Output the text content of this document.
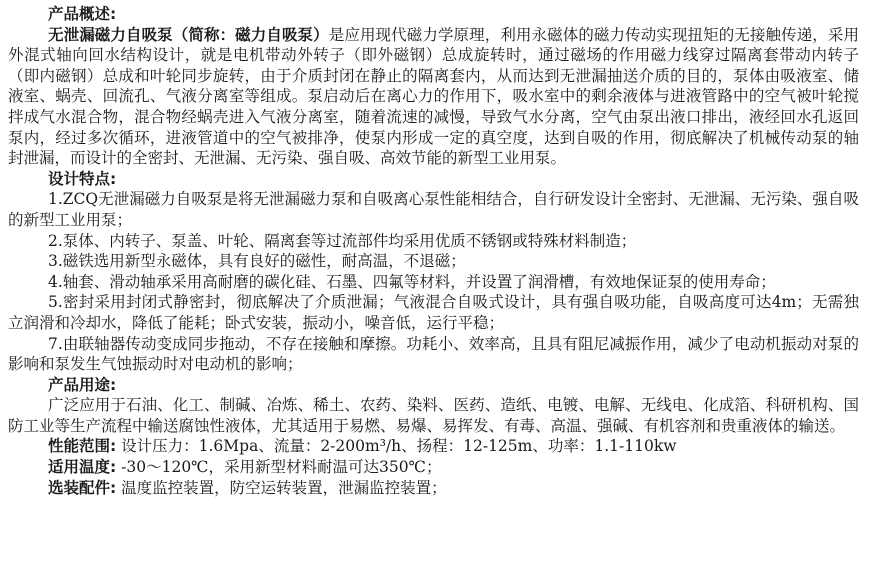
产品概述:

无泄漏磁力自吸泵（简称：磁力自吸泵）是应用现代磁力学原理，利用永磁体的磁力传动实现扭矩的无接触传递，采用外混式轴向回水结构设计，就是电机带动外转子（即外磁钢）总成旋转时，通过磁场的作用磁力线穿过隔离套带动内转子（即内磁钢）总成和叶轮同步旋转，由于介质封闭在静止的隔离套内，从而达到无泄漏抽送介质的目的，泵体由吸液室、储液室、蜗壳、回流孔、气液分离室等组成。泵启动后在离心力的作用下，吸水室中的剩余液体与进液管路中的空气被叶轮搅拌成气水混合物，混合物经蜗壳进入气液分离室，随着流速的减慢，导致气水分离，空气由泵出液口排出，液经回水孔返回泵内，经过多次循环，进液管道中的空气被排净，使泵内形成一定的真空度，达到自吸的作用，彻底解决了机械传动泵的轴封泄漏，而设计的全密封、无泄漏、无污染、强自吸、高效节能的新型工业用泵。

设计特点:

1.ZCQ无泄漏磁力自吸泵是将无泄漏磁力泵和自吸离心泵性能相结合，自行研发设计全密封、无泄漏、无污染、强自吸的新型工业用泵；

2.泵体、内转子、泵盖、叶轮、隔离套等过流部件均采用优质不锈钢或特殊材料制造；

3.磁铁选用新型永磁体，具有良好的磁性，耐高温，不退磁；

4.轴套、滑动轴承采用高耐磨的碳化硅、石墨、四氟等材料，并设置了润滑槽，有效地保证泵的使用寿命；

5.密封采用封闭式静密封，彻底解决了介质泄漏；气液混合自吸式设计，具有强自吸功能，自吸高度可达4m；无需独立润滑和冷却水，降低了能耗；卧式安装，振动小，噪音低，运行平稳；

7.由联轴器传动变成同步拖动，不存在接触和摩擦。功耗小、效率高，且具有阻尼减振作用，减少了电动机振动对泵的影响和泵发生气蚀振动时对电动机的影响；

产品用途:

广泛应用于石油、化工、制碱、冶炼、稀土、农药、染料、医药、造纸、电镀、电解、无线电、化成箔、科研机构、国防工业等生产流程中输送腐蚀性液体，尤其适用于易燃、易爆、易挥发、有毒、高温、强碱、有机容剂和贵重液体的输送。

性能范围: 设计压力：1.6Mpa、流量：2-200m³/h、扬程：12-125m、功率：1.1-110kw

适用温度: -30～120℃，采用新型材料耐温可达350℃；

选装配件: 温度监控装置，防空运转装置，泄漏监控装置；
